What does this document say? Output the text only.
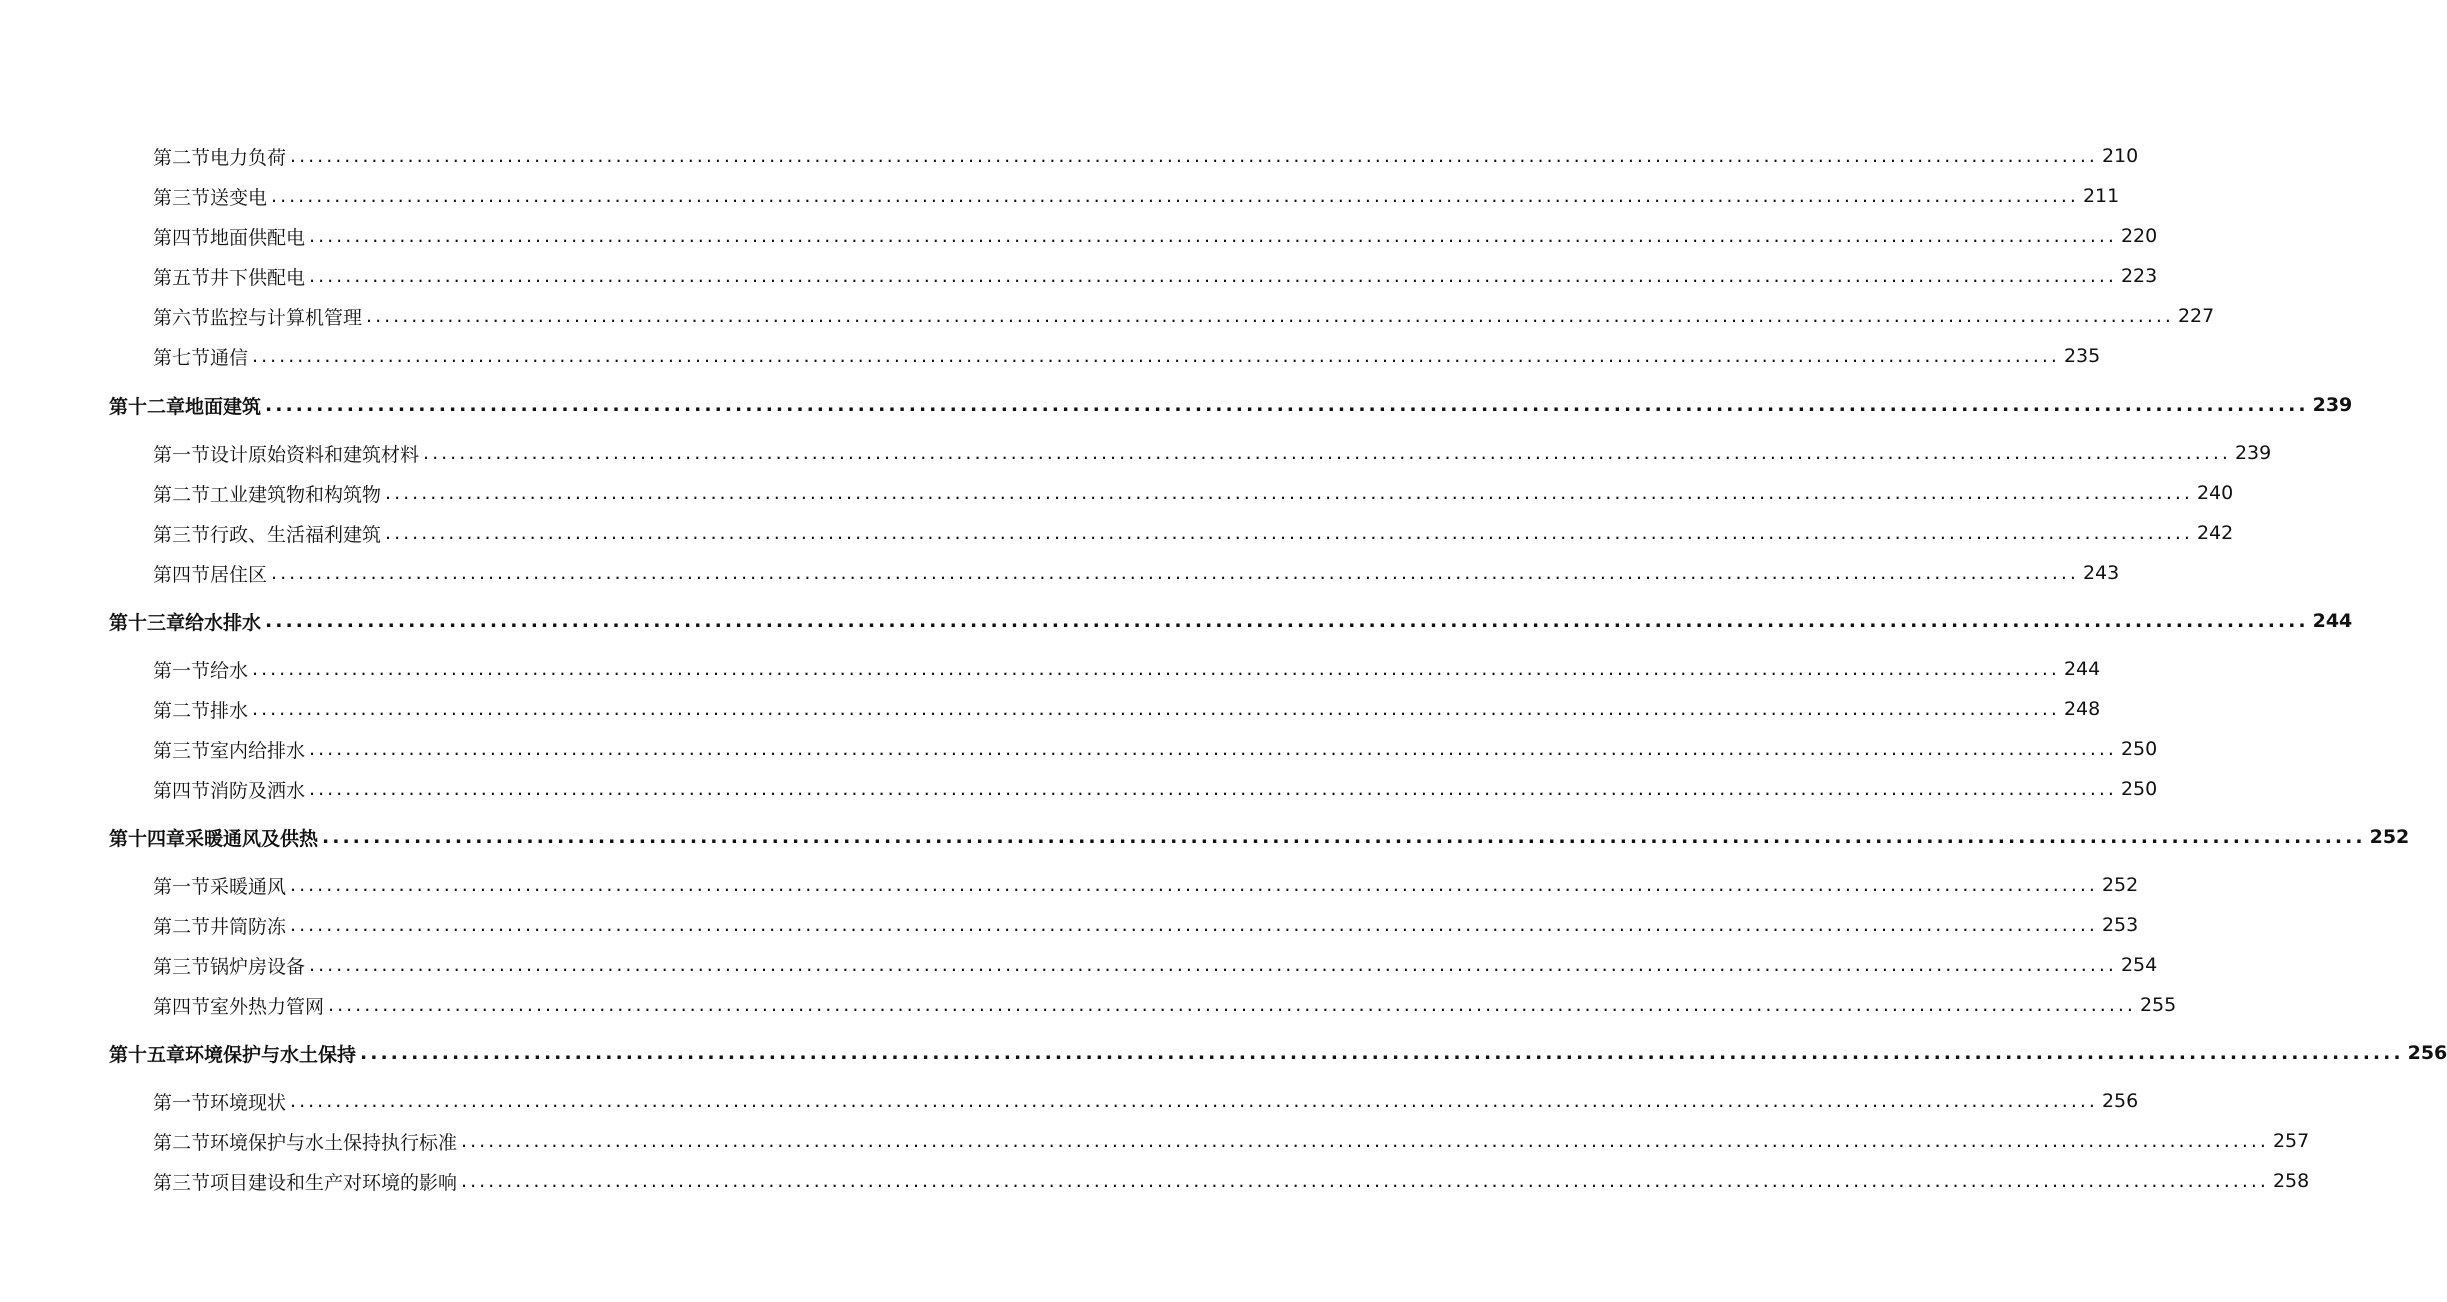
第二节 电力负荷 ........................................................................................................................................................................................................ 210
第三节 送变电 ........................................................................................................................................................................................................ 211
第四节 地面供配电 ........................................................................................................................................................................................................ 220
第五节 井下供配电 ........................................................................................................................................................................................................ 223
第六节 监控与计算机管理 ........................................................................................................................................................................................................ 227
第七节 通信 ........................................................................................................................................................................................................ 235
第十二章 地面建筑 ........................................................................................................................................................................................................ 239
第一节 设计原始资料和建筑材料 ........................................................................................................................................................................................................ 239
第二节 工业建筑物和构筑物 ........................................................................................................................................................................................................ 240
第三节 行政、生活福利建筑 ........................................................................................................................................................................................................ 242
第四节 居住区 ........................................................................................................................................................................................................ 243
第十三章 给水排水 ........................................................................................................................................................................................................ 244
第一节 给水 ........................................................................................................................................................................................................ 244
第二节 排水 ........................................................................................................................................................................................................ 248
第三节 室内给排水 ........................................................................................................................................................................................................ 250
第四节 消防及洒水 ........................................................................................................................................................................................................ 250
第十四章 采暖通风及供热 ........................................................................................................................................................................................................ 252
第一节 采暖通风 ........................................................................................................................................................................................................ 252
第二节 井筒防冻 ........................................................................................................................................................................................................ 253
第三节 锅炉房设备 ........................................................................................................................................................................................................ 254
第四节 室外热力管网 ........................................................................................................................................................................................................ 255
第十五章 环境保护与水土保持 ........................................................................................................................................................................................................ 256
第一节 环境现状 ........................................................................................................................................................................................................ 256
第二节 环境保护与水土保持执行标准 ........................................................................................................................................................................................................ 257
第三节 项目建设和生产对环境的影响 ........................................................................................................................................................................................................ 258
